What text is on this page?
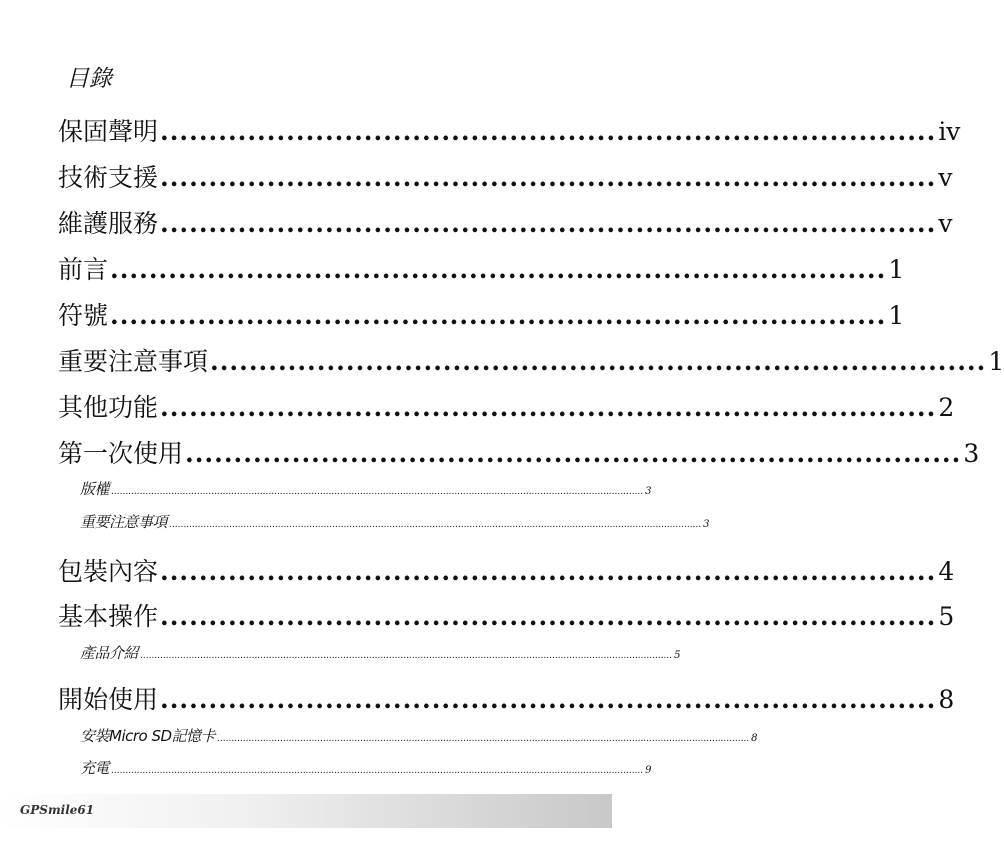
目錄
保固聲明 ................................................................................ iv
技術支援 ................................................................................ v
維護服務 ................................................................................ v
前言 ................................................................................ 1
符號 ................................................................................ 1
重要注意事項 ................................................................................ 1
其他功能 ................................................................................ 2
第一次使用 ................................................................................ 3
版權 .......................................................................................................................................................................................... 3
重要注意事項 .......................................................................................................................................................................................... 3
包裝內容 ................................................................................ 4
基本操作 ................................................................................ 5
產品介紹 .......................................................................................................................................................................................... 5
開始使用 ................................................................................ 8
安裝Micro SD記憶卡 .......................................................................................................................................................................................... 8
充電 .......................................................................................................................................................................................... 9
GPSmile61
